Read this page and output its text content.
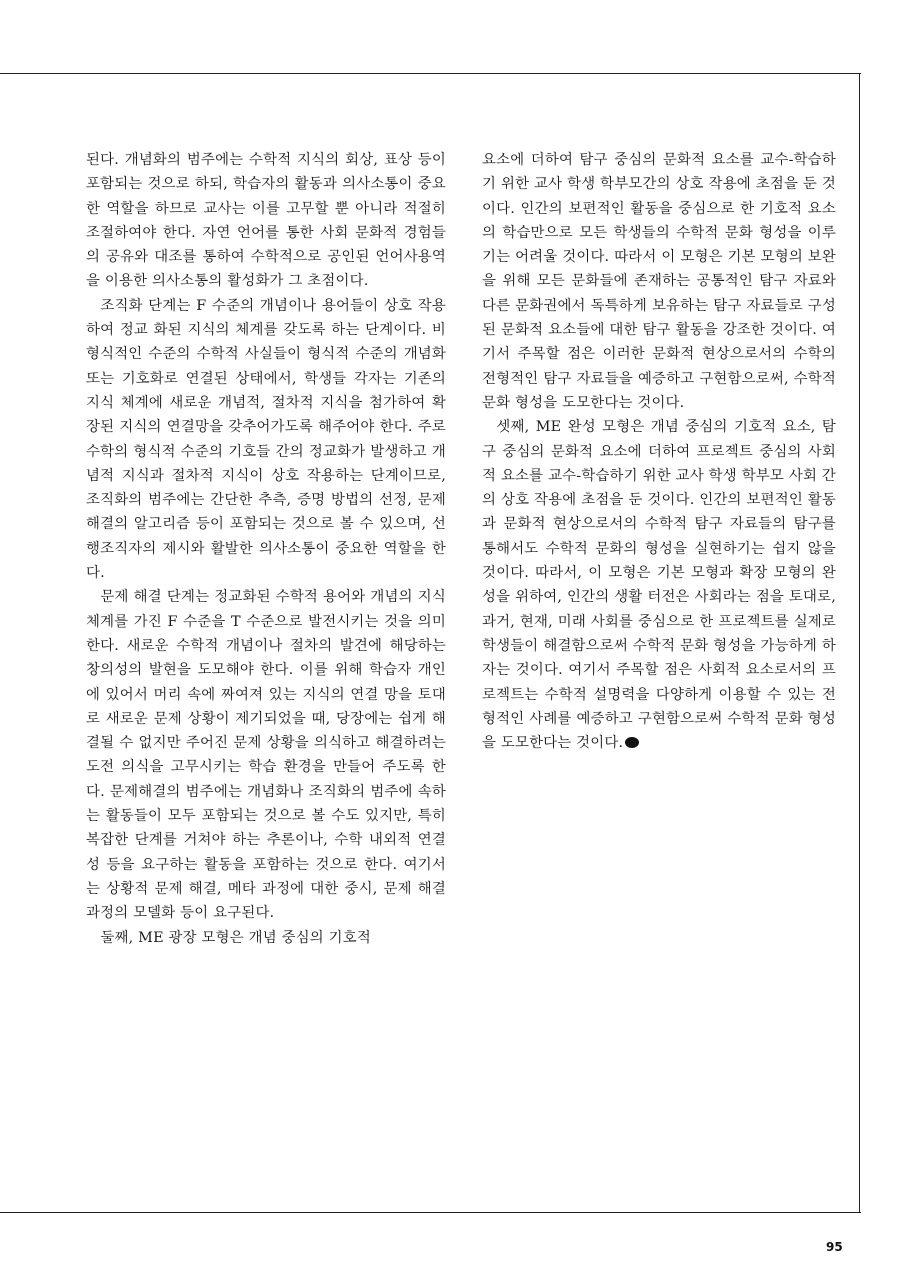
된다. 개념화의 범주에는 수학적 지식의 회상, 표상 등이 포함되는 것으로 하되, 학습자의 활동과 의사소통이 중요한 역할을 하므로 교사는 이를 고무할 뿐 아니라 적절히 조절하여야 한다. 자연 언어를 통한 사회 문화적 경험들의 공유와 대조를 통하여 수학적으로 공인된 언어사용역을 이용한 의사소통의 활성화가 그 초점이다.

조직화 단계는 F 수준의 개념이나 용어들이 상호 작용하여 정교 화된 지식의 체계를 갖도록 하는 단계이다. 비 형식적인 수준의 수학적 사실들이 형식적 수준의 개념화 또는 기호화로 연결된 상태에서, 학생들 각자는 기존의 지식 체계에 새로운 개념적, 절차적 지식을 첨가하여 확장된 지식의 연결망을 갖추어가도록 해주어야 한다. 주로 수학의 형식적 수준의 기호들 간의 정교화가 발생하고 개념적 지식과 절차적 지식이 상호 작용하는 단계이므로, 조직화의 범주에는 간단한 추측, 증명 방법의 선정, 문제해결의 알고리즘 등이 포함되는 것으로 볼 수 있으며, 선행조직자의 제시와 활발한 의사소통이 중요한 역할을 한다.

문제 해결 단계는 정교화된 수학적 용어와 개념의 지식 체계를 가진 F 수준을 T 수준으로 발전시키는 것을 의미한다. 새로운 수학적 개념이나 절차의 발견에 해당하는 창의성의 발현을 도모해야 한다. 이를 위해 학습자 개인에 있어서 머리 속에 짜여져 있는 지식의 연결 망을 토대로 새로운 문제 상황이 제기되었을 때, 당장에는 쉽게 해결될 수 없지만 주어진 문제 상황을 의식하고 해결하려는 도전 의식을 고무시키는 학습 환경을 만들어 주도록 한다. 문제해결의 범주에는 개념화나 조직화의 범주에 속하는 활동들이 모두 포함되는 것으로 볼 수도 있지만, 특히 복잡한 단계를 거쳐야 하는 추론이나, 수학 내외적 연결성 등을 요구하는 활동을 포함하는 것으로 한다. 여기서는 상황적 문제 해결, 메타 과정에 대한 중시, 문제 해결 과정의 모델화 등이 요구된다.

둘째, ME 광장 모형은 개념 중심의 기호적

요소에 더하여 탐구 중심의 문화적 요소를 교수-학습하기 위한 교사 학생 학부모간의 상호 작용에 초점을 둔 것이다. 인간의 보편적인 활동을 중심으로 한 기호적 요소의 학습만으로 모든 학생들의 수학적 문화 형성을 이루기는 어려울 것이다. 따라서 이 모형은 기본 모형의 보완을 위해 모든 문화들에 존재하는 공통적인 탐구 자료와 다른 문화권에서 독특하게 보유하는 탐구 자료들로 구성된 문화적 요소들에 대한 탐구 활동을 강조한 것이다. 여기서 주목할 점은 이러한 문화적 현상으로서의 수학의 전형적인 탐구 자료들을 예증하고 구현함으로써, 수학적 문화 형성을 도모한다는 것이다.

셋째, ME 완성 모형은 개념 중심의 기호적 요소, 탐구 중심의 문화적 요소에 더하여 프로젝트 중심의 사회적 요소를 교수-학습하기 위한 교사 학생 학부모 사회 간의 상호 작용에 초점을 둔 것이다. 인간의 보편적인 활동과 문화적 현상으로서의 수학적 탐구 자료들의 탐구를 통해서도 수학적 문화의 형성을 실현하기는 쉽지 않을 것이다. 따라서, 이 모형은 기본 모형과 확장 모형의 완성을 위하여, 인간의 생활 터전은 사회라는 점을 토대로, 과거, 현재, 미래 사회를 중심으로 한 프로젝트를 실제로 학생들이 해결함으로써 수학적 문화 형성을 가능하게 하자는 것이다. 여기서 주목할 점은 사회적 요소로서의 프로젝트는 수학적 설명력을 다양하게 이용할 수 있는 전형적인 사례를 예증하고 구현함으로써 수학적 문화 형성을 도모한다는 것이다.

95
